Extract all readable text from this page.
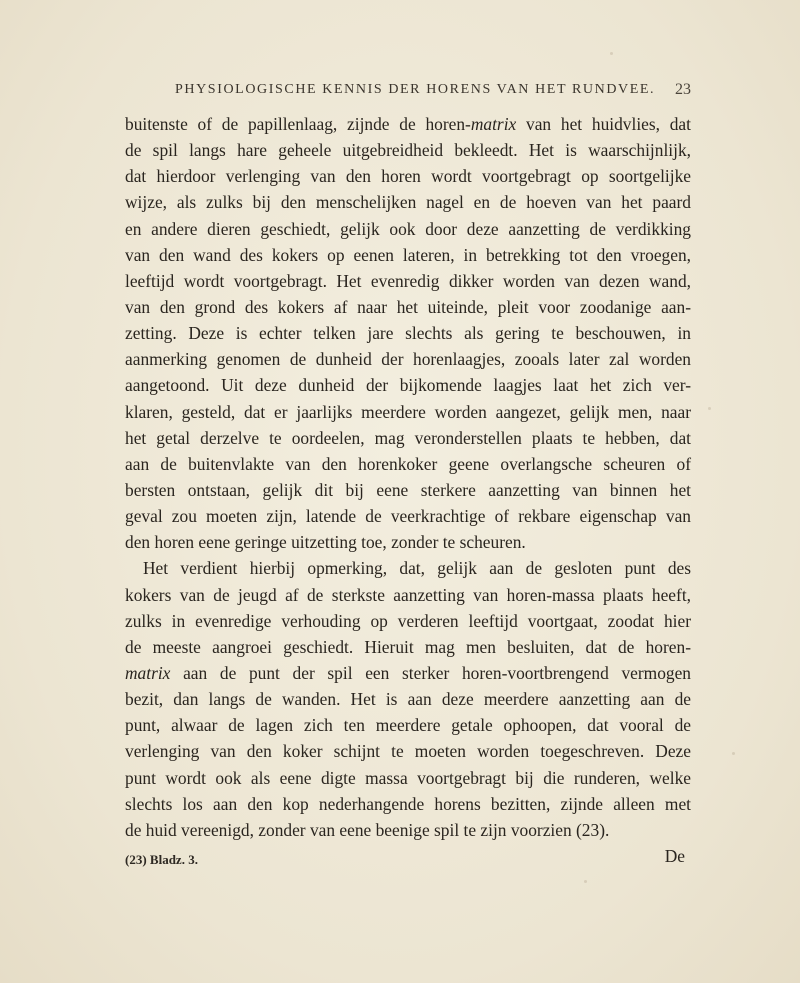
PHYSIOLOGISCHE KENNIS DER HORENS VAN HET RUNDVEE. 23
buitenste of de papillenlaag, zijnde de horen-matrix van het huidvlies, dat
de spil langs hare geheele uitgebreidheid bekleedt. Het is waarschijnlijk,
dat hierdoor verlenging van den horen wordt voortgebragt op soortgelijke
wijze, als zulks bij den menschelijken nagel en de hoeven van het paard
en andere dieren geschiedt, gelijk ook door deze aanzetting de verdikking
van den wand des kokers op eenen lateren, in betrekking tot den vroegen,
leeftijd wordt voortgebragt. Het evenredig dikker worden van dezen wand,
van den grond des kokers af naar het uiteinde, pleit voor zoodanige aan-
zetting. Deze is echter telken jare slechts als gering te beschouwen, in
aanmerking genomen de dunheid der horenlaagjes, zooals later zal worden
aangetoond. Uit deze dunheid der bijkomende laagjes laat het zich ver-
klaren, gesteld, dat er jaarlijks meerdere worden aangezet, gelijk men, naar
het getal derzelve te oordeelen, mag veronderstellen plaats te hebben, dat
aan de buitenvlakte van den horenkoker geene overlangsche scheuren of
bersten ontstaan, gelijk dit bij eene sterkere aanzetting van binnen het
geval zou moeten zijn, latende de veerkrachtige of rekbare eigenschap van
den horen eene geringe uitzetting toe, zonder te scheuren.
Het verdient hierbij opmerking, dat, gelijk aan de gesloten punt des
kokers van de jeugd af de sterkste aanzetting van horen-massa plaats heeft,
zulks in evenredige verhouding op verderen leeftijd voortgaat, zoodat hier
de meeste aangroei geschiedt. Hieruit mag men besluiten, dat de horen-
matrix aan de punt der spil een sterker horen-voortbrengend vermogen
bezit, dan langs de wanden. Het is aan deze meerdere aanzetting aan de
punt, alwaar de lagen zich ten meerdere getale ophoopen, dat vooral de
verlenging van den koker schijnt te moeten worden toegeschreven. Deze
punt wordt ook als eene digte massa voortgebragt bij die runderen, welke
slechts los aan den kop nederhangende horens bezitten, zijnde alleen met
de huid vereenigd, zonder van eene beenige spil te zijn voorzien (23).
De
(23) Bladz. 3.
